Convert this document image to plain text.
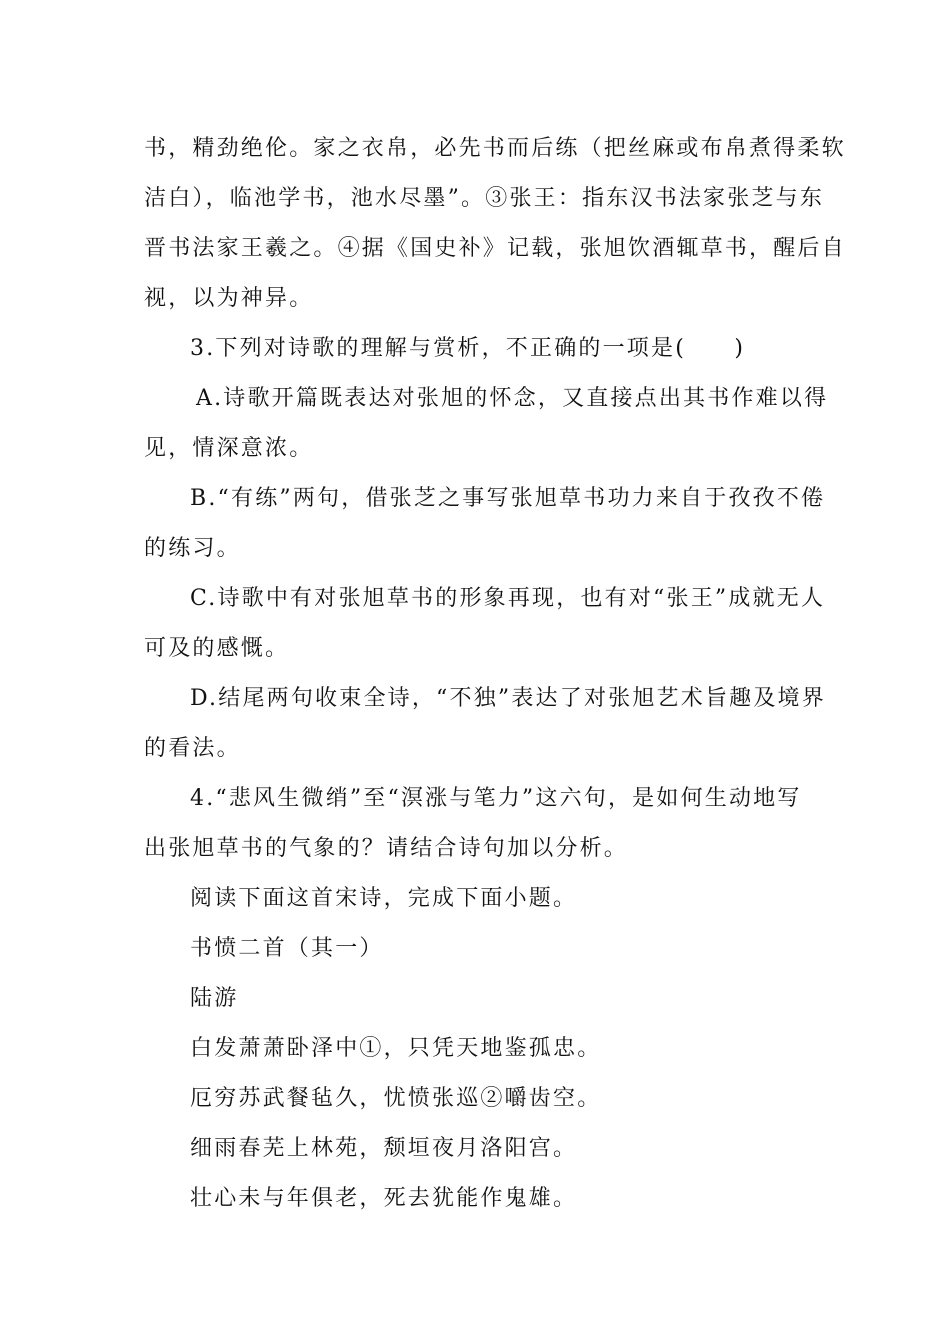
书，精劲绝伦。家之衣帛，必先书而后练（把丝麻或布帛煮得柔软
洁白），临池学书，池水尽墨”。③张王：指东汉书法家张芝与东
晋书法家王羲之。④据《国史补》记载，张旭饮酒辄草书，醒后自
视，以为神异。
3.下列对诗歌的理解与赏析，不正确的一项是(　　)
A.诗歌开篇既表达对张旭的怀念，又直接点出其书作难以得
见，情深意浓。
B.“有练”两句，借张芝之事写张旭草书功力来自于孜孜不倦
的练习。
C.诗歌中有对张旭草书的形象再现，也有对“张王”成就无人
可及的感慨。
D.结尾两句收束全诗，“不独”表达了对张旭艺术旨趣及境界
的看法。
4.“悲风生微绡”至“溟涨与笔力”这六句，是如何生动地写
出张旭草书的气象的？请结合诗句加以分析。
阅读下面这首宋诗，完成下面小题。
书愤二首（其一）
陆游
白发萧萧卧泽中①，只凭天地鉴孤忠。
厄穷苏武餐毡久，忧愤张巡②嚼齿空。
细雨春芜上林苑，颓垣夜月洛阳宫。
壮心未与年俱老，死去犹能作鬼雄。
